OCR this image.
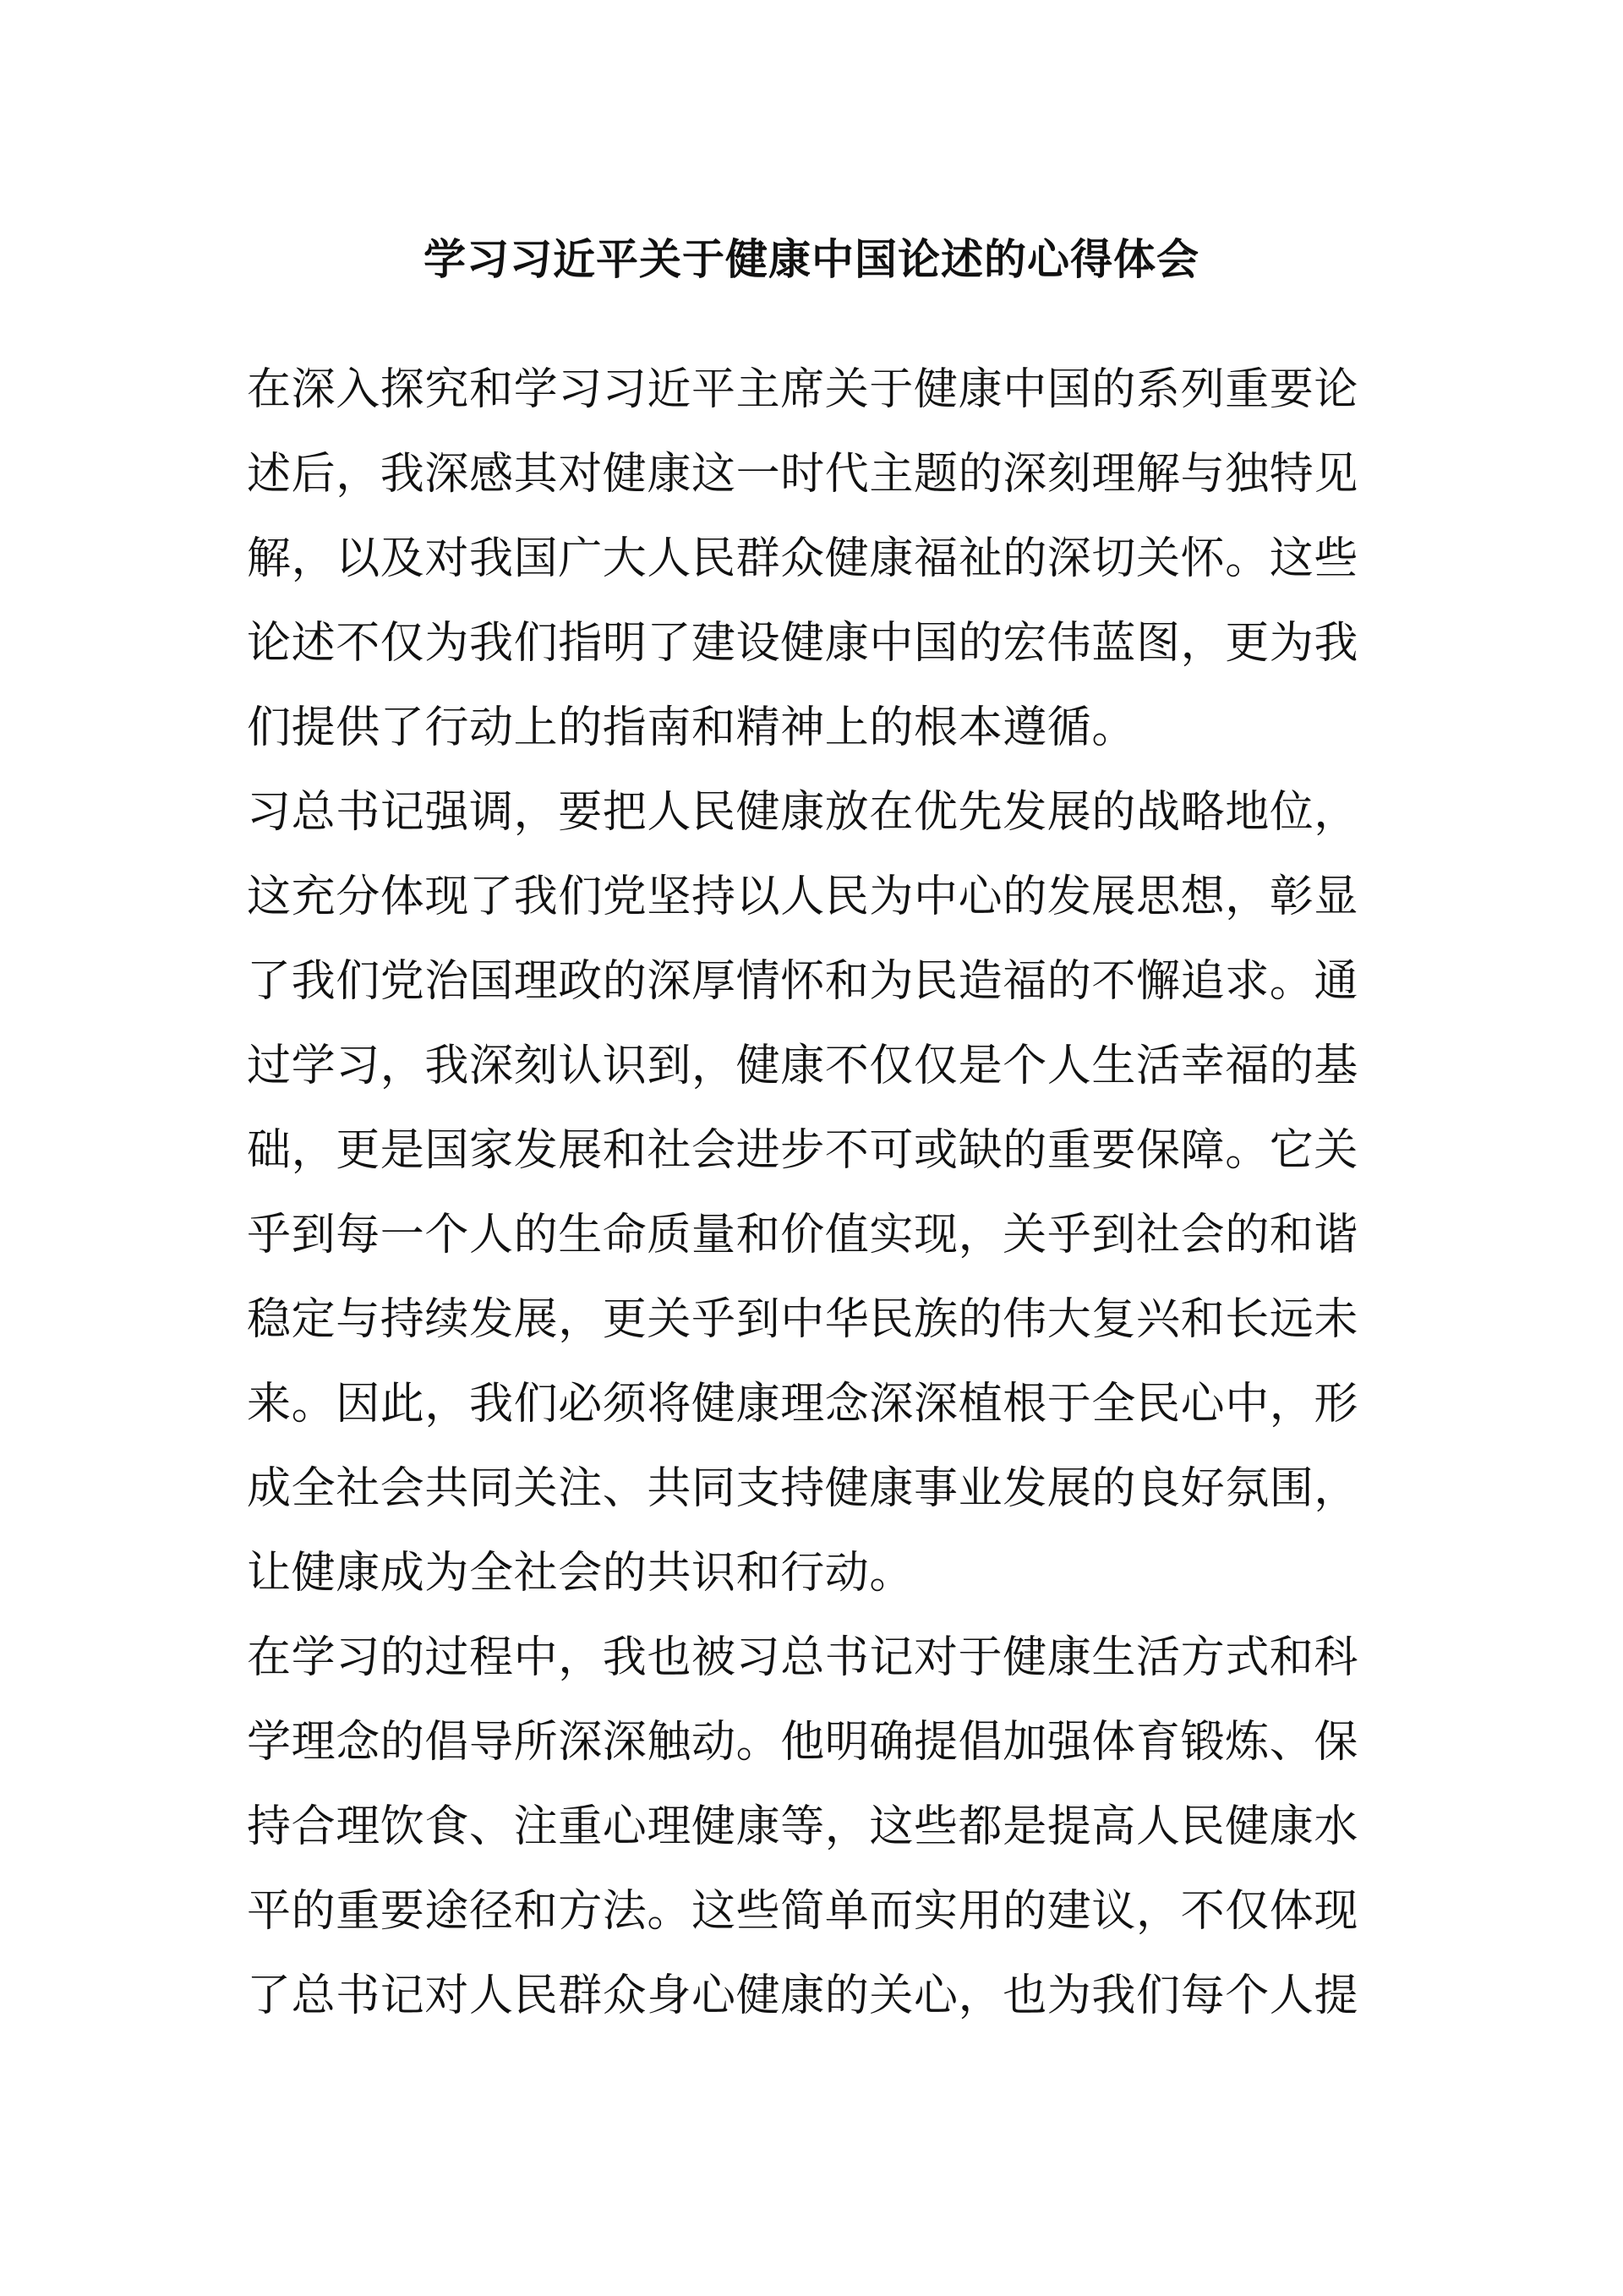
学习习近平关于健康中国论述的心得体会
在深入探究和学习习近平主席关于健康中国的系列重要论
述后，我深感其对健康这一时代主题的深刻理解与独特见
解，以及对我国广大人民群众健康福祉的深切关怀。这些
论述不仅为我们指明了建设健康中国的宏伟蓝图，更为我
们提供了行动上的指南和精神上的根本遵循。
习总书记强调，要把人民健康放在优先发展的战略地位，
这充分体现了我们党坚持以人民为中心的发展思想，彰显
了我们党治国理政的深厚情怀和为民造福的不懈追求。通
过学习，我深刻认识到，健康不仅仅是个人生活幸福的基
础，更是国家发展和社会进步不可或缺的重要保障。它关
乎到每一个人的生命质量和价值实现，关乎到社会的和谐
稳定与持续发展，更关乎到中华民族的伟大复兴和长远未
来。因此，我们必须将健康理念深深植根于全民心中，形
成全社会共同关注、共同支持健康事业发展的良好氛围，
让健康成为全社会的共识和行动。
在学习的过程中，我也被习总书记对于健康生活方式和科
学理念的倡导所深深触动。他明确提倡加强体育锻炼、保
持合理饮食、注重心理健康等，这些都是提高人民健康水
平的重要途径和方法。这些简单而实用的建议，不仅体现
了总书记对人民群众身心健康的关心，也为我们每个人提
